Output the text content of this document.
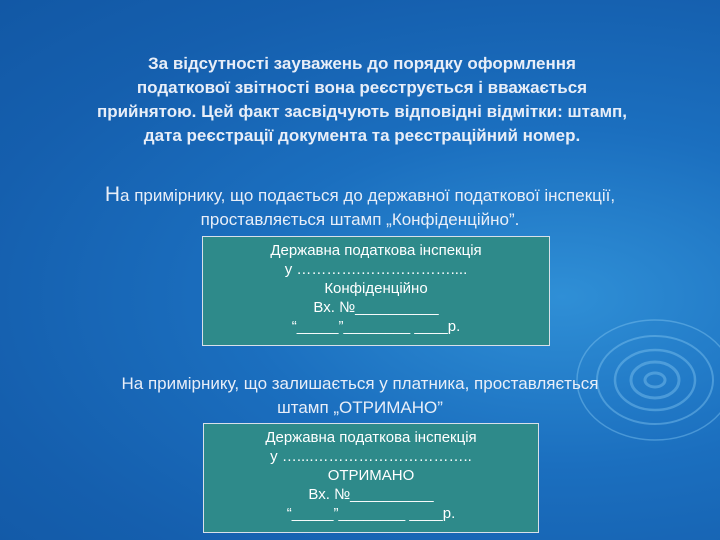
За відсутності зауважень до порядку оформлення
податкової звітності вона реєструється і вважається
прийнятою. Цей факт засвідчують відповідні відмітки: штамп,
дата реєстрації документа та реєстраційний номер.
На примірнику, що подається до державної податкової інспекції,
проставляється штамп „Конфіденційно”.
Державна податкова інспекція
у ………….………………....
Конфіденційно
Вх. №__________
“_____”________ ____р.
На примірнику, що залишається у платника, проставляється
штамп „ОТРИМАНО”
Державна податкова інспекція
у …....…………………………..
ОТРИМАНО
Вх. №__________
“_____”________ ____р.
